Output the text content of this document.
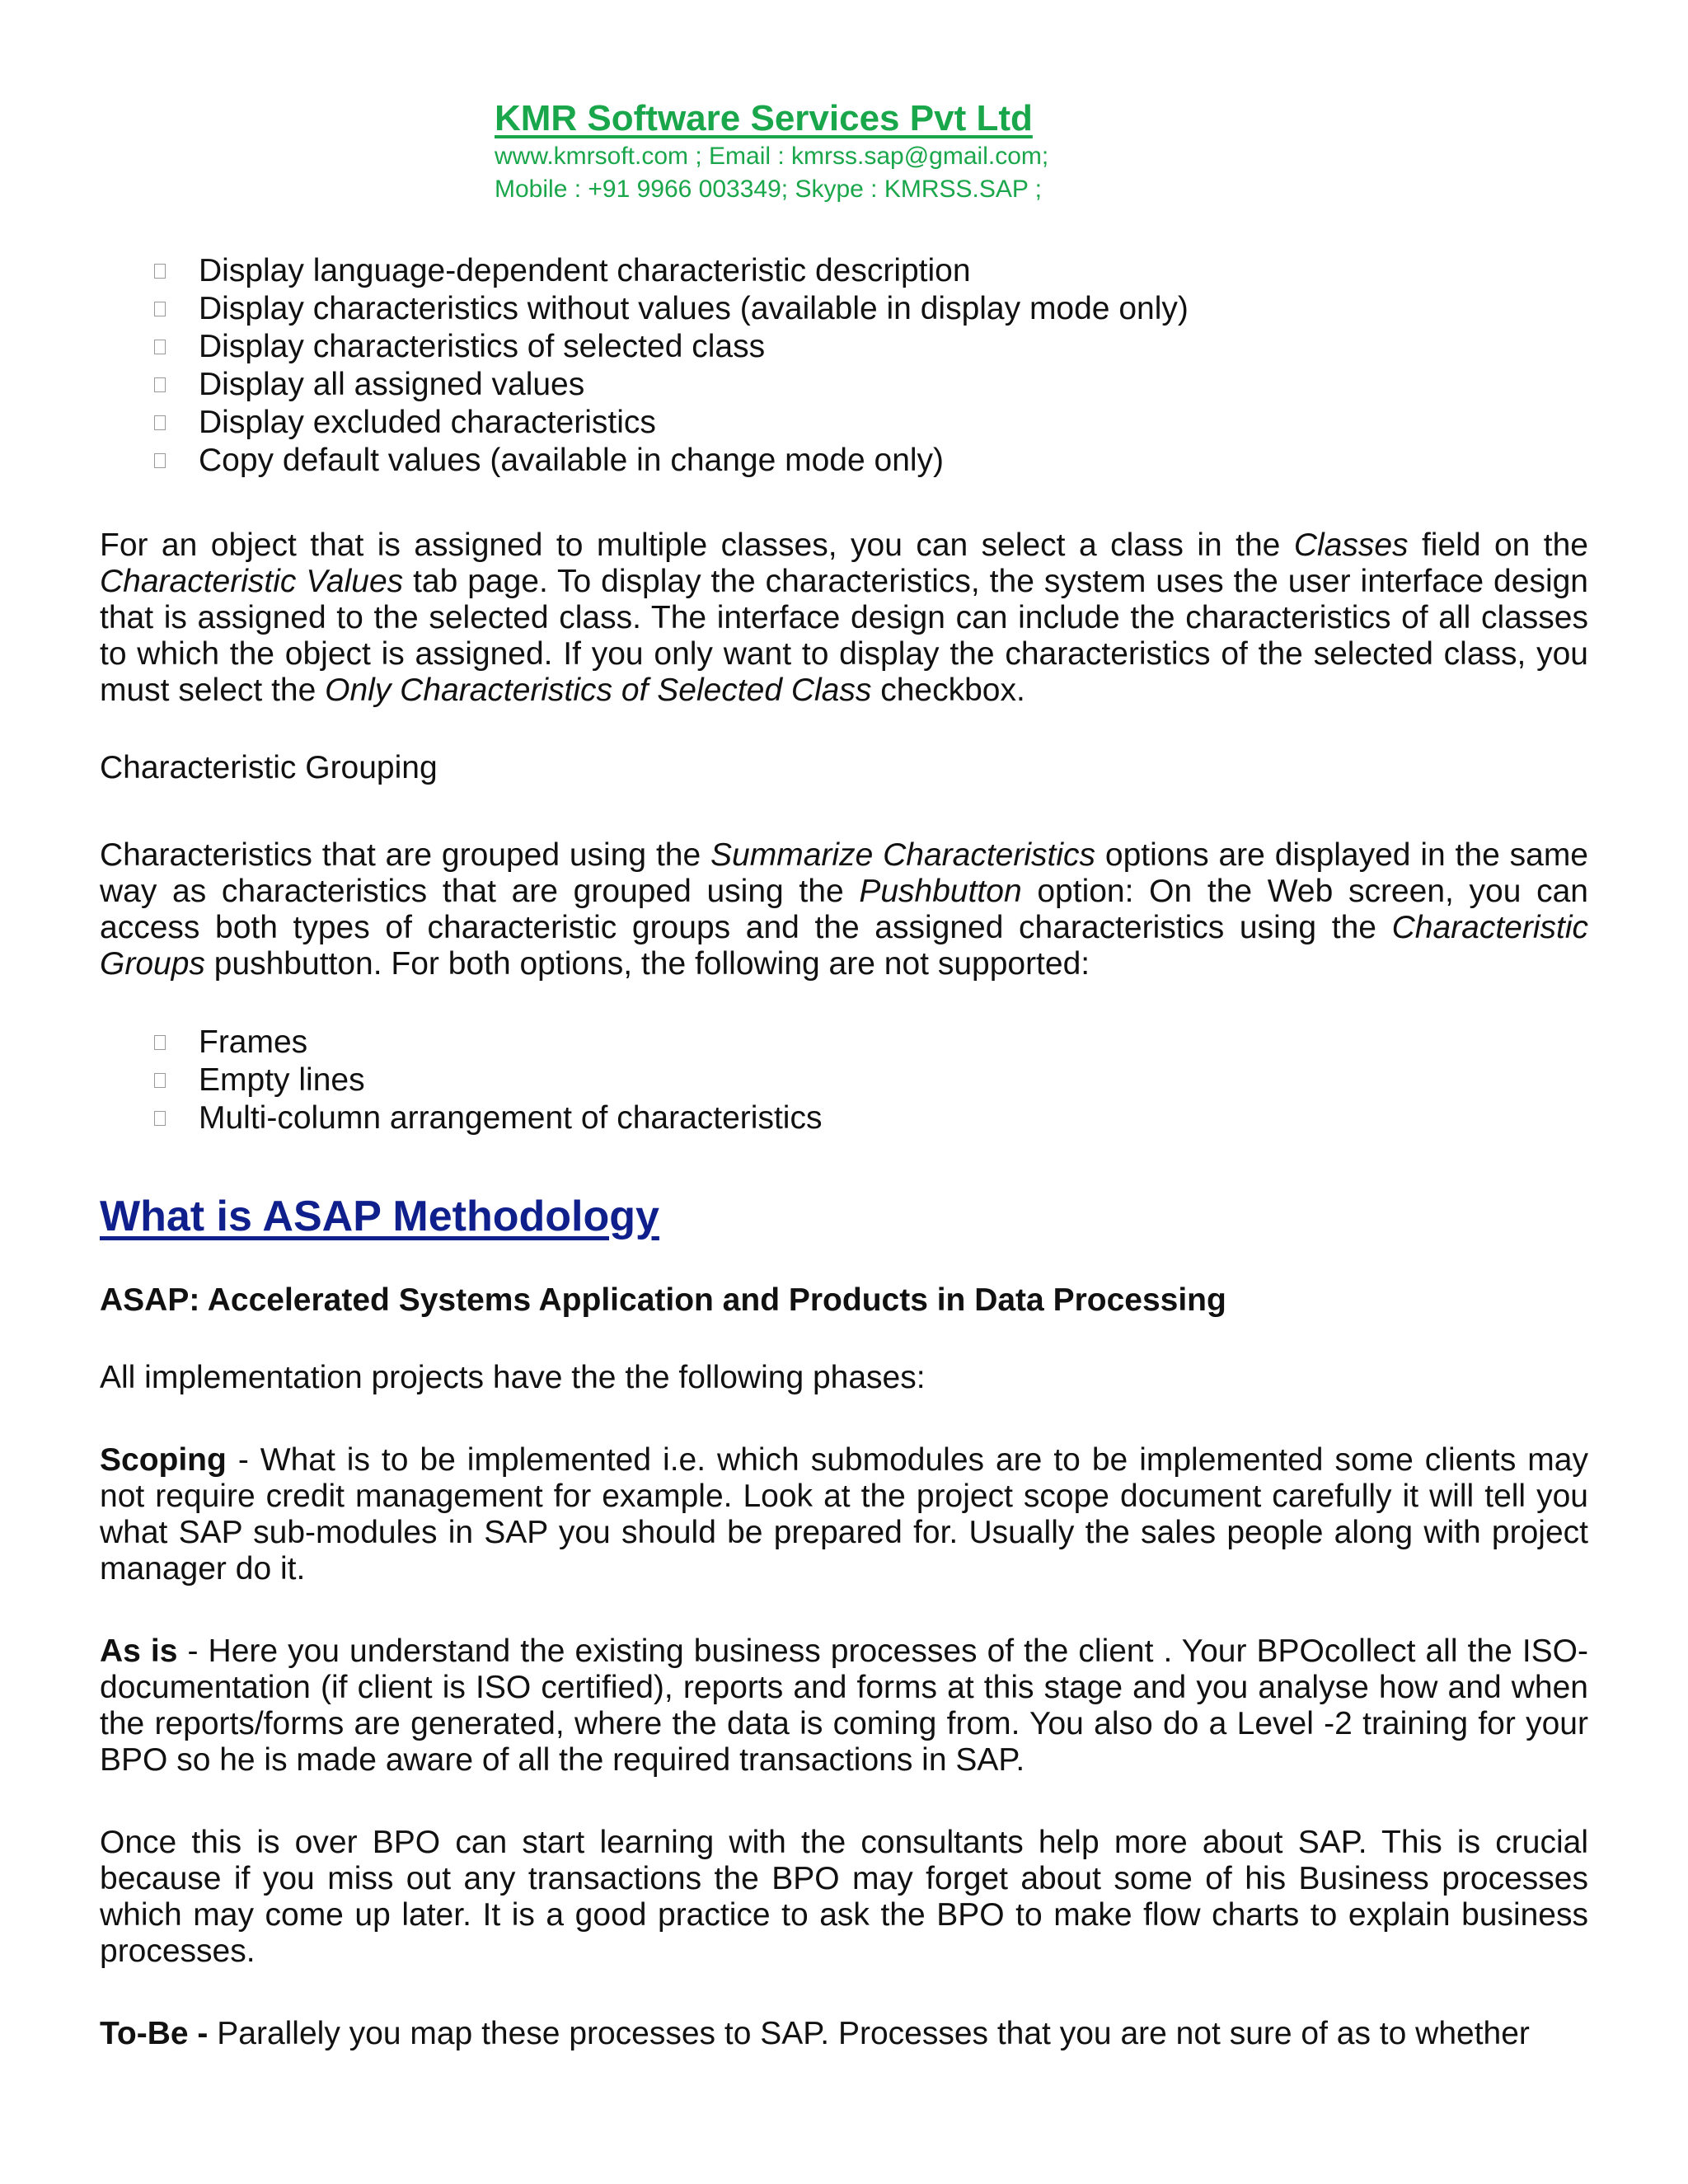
KMR Software Services Pvt Ltd

www.kmrsoft.com ; Email : kmrss.sap@gmail.com;

Mobile : +91 9966 003349; Skype : KMRSS.SAP ;

Display language-dependent characteristic description
Display characteristics without values (available in display mode only)
Display characteristics of selected class
Display all assigned values
Display excluded characteristics
Copy default values (available in change mode only)

For an object that is assigned to multiple classes, you can select a class in the Classes field on the Characteristic Values tab page. To display the characteristics, the system uses the user interface design that is assigned to the selected class. The interface design can include the characteristics of all classes to which the object is assigned. If you only want to display the characteristics of the selected class, you must select the Only Characteristics of Selected Class checkbox.

Characteristic Grouping

Characteristics that are grouped using the Summarize Characteristics options are displayed in the same way as characteristics that are grouped using the Pushbutton option: On the Web screen, you can access both types of characteristic groups and the assigned characteristics using the Characteristic Groups pushbutton. For both options, the following are not supported:

Frames
Empty lines
Multi-column arrangement of characteristics
What is ASAP Methodology

ASAP: Accelerated Systems Application and Products in Data Processing

All implementation projects have the the following phases:

Scoping - What is to be implemented i.e. which submodules are to be implemented some clients may not require credit management for example. Look at the project scope document carefully it will tell you what SAP sub-modules in SAP you should be prepared for. Usually the sales people along with project manager do it.

As is - Here you understand the existing business processes of the client . Your BPOcollect all the ISO-documentation (if client is ISO certified), reports and forms at this stage and you analyse how and when the reports/forms are generated, where the data is coming from. You also do a Level -2 training for your BPO so he is made aware of all the required transactions in SAP.

Once this is over BPO can start learning with the consultants help more about SAP. This is crucial because if you miss out any transactions the BPO may forget about some of his Business processes which may come up later. It is a good practice to ask the BPO to make flow charts to explain business processes.

To-Be - Parallely you map these processes to SAP. Processes that you are not sure of as to whether
